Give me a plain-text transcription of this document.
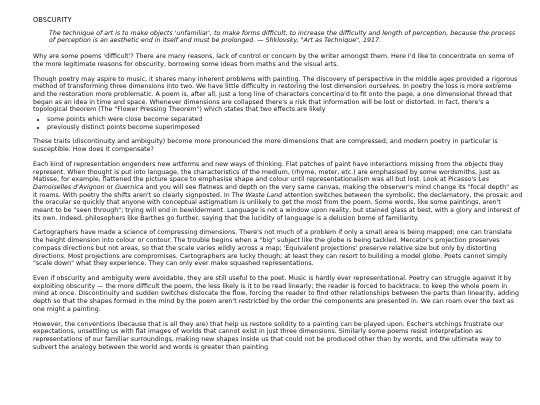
OBSCURITY
The technique of art is to make objects 'unfamiliar', to make forms difficult, to increase the difficulty and length of perception, because the process of perception is an aesthetic end in itself and must be prolonged. — Shklovsky, "Art as Technique", 1917.

Why are some poems 'difficult'? There are many reasons, lack of control or concern by the writer amongst them. Here I'd like to concentrate on some of the more legitimate reasons for obscurity, borrowing some ideas from maths and the visual arts.

Though poetry may aspire to music, it shares many inherent problems with painting. The discovery of perspective in the middle ages provided a rigorous method of transforming three dimensions into two. We have little difficulty in restoring the lost dimension ourselves. In poetry the loss is more extreme and the restoration more problematic. A poem is, after all, just a long line of characters concertina'd to fit onto the page, a one dimensional thread that began as an idea in time and space. Whenever dimensions are collapsed there's a risk that information will be lost or distorted. In fact, there's a topological theorem (The "Flower Pressing Theorem") which states that two effects are likely

• some points which were close become separated
• previously distinct points become superimposed

These traits (discontinuity and ambiguity) become more pronounced the more dimensions that are compressed, and modern poetry in particular is susceptible. How does it compensate?

Each kind of representation engenders new artforms and new ways of thinking. Flat patches of paint have interactions missing from the objects they represent. When thought is put into language, the characteristics of the medium, (rhyme, meter, etc.) are emphasised by some wordsmiths, just as Matisse, for example, flattened the picture space to emphasise shape and colour until representationalism was all but lost. Look at Picasso's Les Damoiselles d'Avignon or Guernica and you will see flatness and depth on the very same canvas, making the observer's mind change its "focal depth" as it roams. With poetry the shifts aren't so clearly signposted. In The Waste Land attention switches between the symbolic, the declamatory, the prosaic and the oracular so quickly that anyone with conceptual astigmatism is unlikely to get the most from the poem. Some words, like some paintings, aren't meant to be "seen through"; trying will end in bewilderment. Language is not a window upon reality, but stained glass at best, with a glory and interest of its own. Indeed, philosophers like Barthes go further, saying that the lucidity of language is a delusion borne of familiarity.

Cartographers have made a science of compressing dimensions. There's not much of a problem if only a small area is being mapped; one can translate the height dimension into colour or contour. The trouble begins when a "big" subject like the globe is being tackled. Mercator's projection preserves compass directions but not areas, so that the scale varies wildly across a map; 'Equivalent projections' preserve relative size but only by distorting directions. Most projections are compromises. Cartographers are lucky though; at least they can resort to building a model globe. Poets cannot simply "scale down" what they experience. They can only ever make squashed representations.

Even if obscurity and ambiguity were avoidable, they are still useful to the poet. Music is hardly ever representational. Poetry can struggle against it by exploiting obscurity — the more difficult the poem, the less likely is it to be read linearly; the reader is forced to backtrace, to keep the whole poem in mind at once. Discontinuity and sudden switches dislocate the flow, forcing the reader to find other relationships between the parts than linearity, adding depth so that the shapes formed in the mind by the poem aren't restricted by the order the components are presented in. We can roam over the text as one might a painting.

However, the conventions (because that is all they are) that help us restore solidity to a painting can be played upon. Escher's etchings frustrate our expectations, unsettling us with flat images of worlds that cannot exist in just three dimensions. Similarly some poems resist interpretation as representations of our familiar surroundings, making new shapes inside us that could not be produced other than by words, and the ultimate way to subvert the analogy between the world and words is greater than painting
